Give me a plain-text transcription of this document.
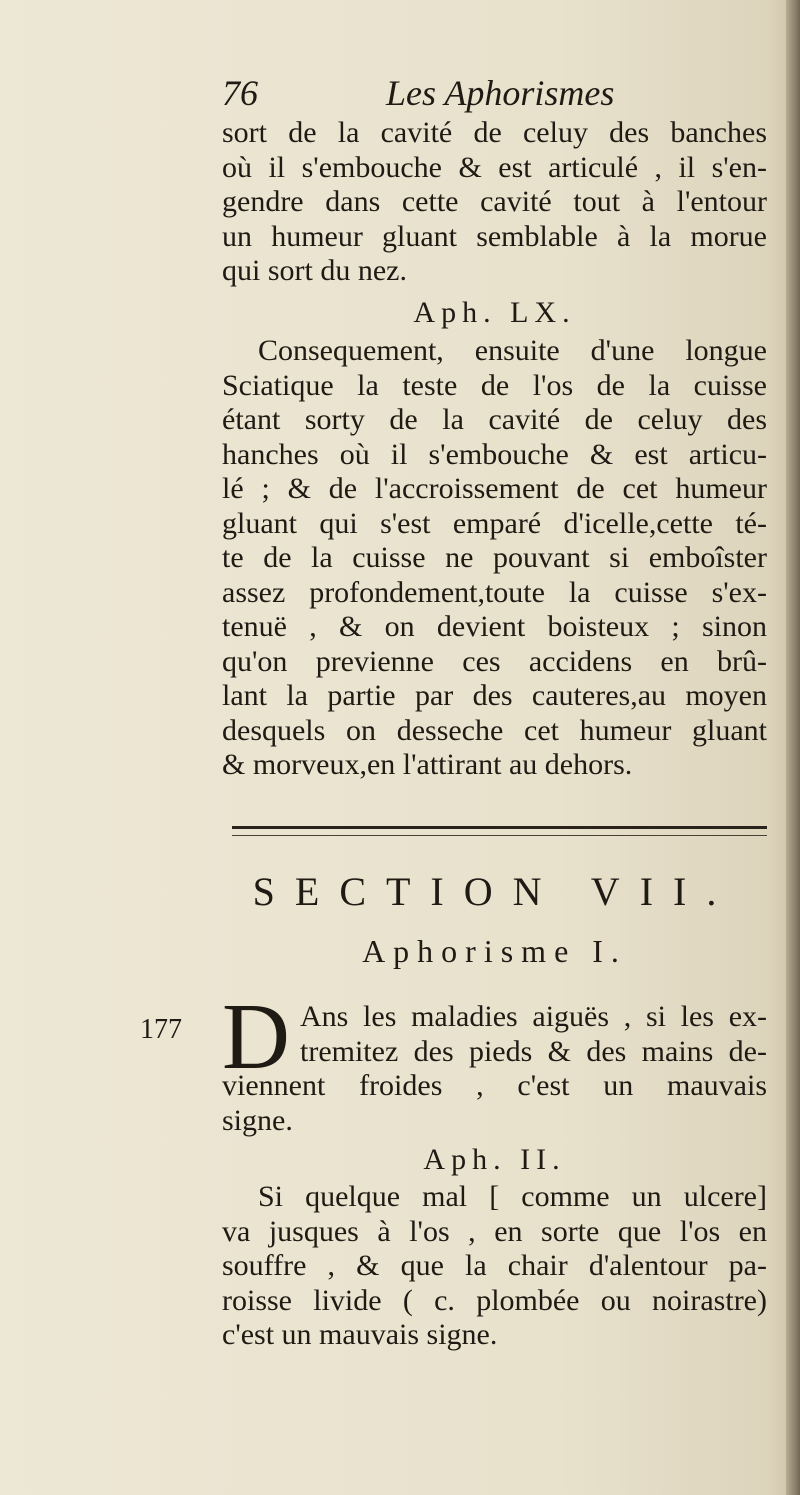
76	Les Aphorismes
sort de la cavité de celuy des banches
où il s'embouche & est articulé , il s'en-
gendre dans cette cavité tout à l'entour
un humeur gluant semblable à la morue
qui sort du nez.
Aph. LX.
Consequement, ensuite d'une longue
Sciatique la teste de l'os de la cuisse
étant sorty de la cavité de celuy des
hanches où il s'embouche & est articu-
lé ; & de l'accroissement de cet humeur
gluant qui s'est emparé d'icelle,cette té-
te de la cuisse ne pouvant si emboîster
assez profondement,toute la cuisse s'ex-
tenuë , & on devient boisteux ; sinon
qu'on previenne ces accidens en brû-
lant la partie par des cauteres,au moyen
desquels on desseche cet humeur gluant
& morveux,en l'attirant au dehors.
SECTION VII.
Aphorisme I.
177 D Ans les maladies aiguës , si les ex-
tremitez des pieds & des mains de-
viennent froides , c'est un mauvais
signe.
Aph. II.
Si quelque mal [ comme un ulcere]
va jusques à l'os , en sorte que l'os en
souffre , & que la chair d'alentour pa-
roisse livide ( c. plombée ou noirastre)
c'est un mauvais signe.
